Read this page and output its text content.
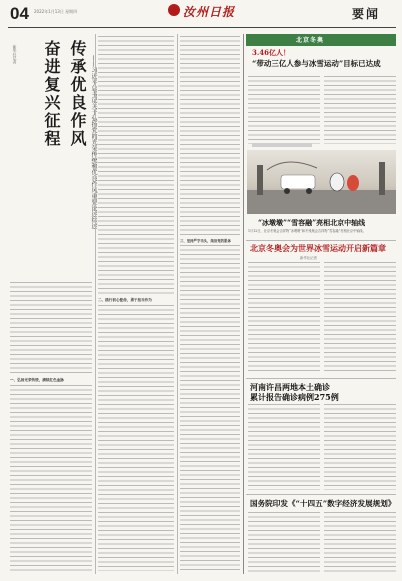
04 2022年1月13日 星期四	汝州日报	要闻
奋进复兴征程 传承优良作风 ——习近平总书记关于弘扬党的光荣传统和优良作风重要论述综述
新华社记者
一、弘扬光荣传统，赓续红色血脉
二、践行初心使命，勇于担当作为
三、坚持严字当头，纯洁党的肌体
北京冬奥
3.46亿人！
“带动三亿人参与冰雪运动”目标已达成
“冰墩墩”“雪容融”亮相北京中轴线
1月12日，北京冬奥会吉祥物“冰墩墩”和冬残奥会吉祥物“雪容融”亮相北京中轴线。
北京冬奥会为世界冰雪运动开启新篇章
新华社记者
河南许昌两地本土确诊
累计报告确诊病例275例
国务院印发《“十四五”数字经济发展规划》
